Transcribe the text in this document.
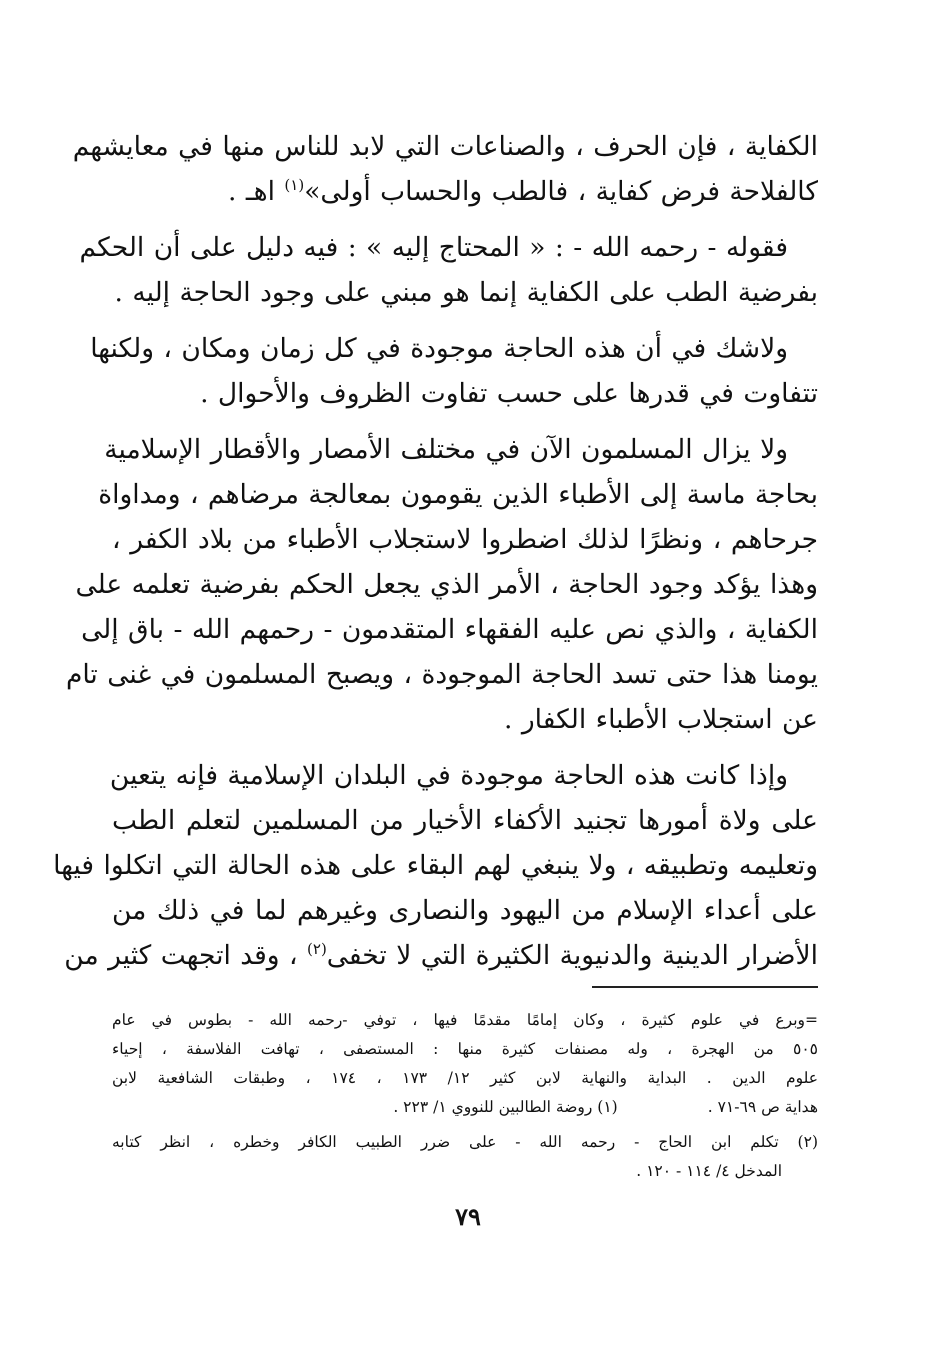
الكفاية ، فإن الحرف ، والصناعات التي لابد للناس منها في معايشهم
كالفلاحة فرض كفاية ، فالطب والحساب أولى»$^{(١)}$ اهـ .

فقوله - رحمه الله - : « المحتاج إليه » : فيه دليل على أن الحكم
بفرضية الطب على الكفاية إنما هو مبني على وجود الحاجة إليه .

ولاشك في أن هذه الحاجة موجودة في كل زمان ومكان ، ولكنها
تتفاوت في قدرها على حسب تفاوت الظروف والأحوال .

ولا يزال المسلمون الآن في مختلف الأمصار والأقطار الإسلامية
بحاجة ماسة إلى الأطباء الذين يقومون بمعالجة مرضاهم ، ومداواة
جرحاهم ، ونظرًا لذلك اضطروا لاستجلاب الأطباء من بلاد الكفر ،
وهذا يؤكد وجود الحاجة ، الأمر الذي يجعل الحكم بفرضية تعلمه على
الكفاية ، والذي نص عليه الفقهاء المتقدمون - رحمهم الله - باق إلى
يومنا هذا حتى تسد الحاجة الموجودة ، ويصبح المسلمون في غنى تام
عن استجلاب الأطباء الكفار .

وإذا كانت هذه الحاجة موجودة في البلدان الإسلامية فإنه يتعين
على ولاة أمورها تجنيد الأكفاء الأخيار من المسلمين لتعلم الطب
وتعليمه وتطبيقه ، ولا ينبغي لهم البقاء على هذه الحالة التي اتكلوا فيها
على أعداء الإسلام من اليهود والنصارى وغيرهم لما في ذلك من
الأضرار الدينية والدنيوية الكثيرة التي لا تخفى$^{(٢)}$ ، وقد اتجهت كثير من

=وبرع في علوم كثيرة ، وكان إمامًا مقدمًا فيها ، توفي -رحمه الله - بطوس في عام
٥٠٥ من الهجرة ، وله مصنفات كثيرة منها : المستصفى ، تهافت الفلاسفة ، إحياء
علوم الدين . البداية والنهاية لابن كثير ١٢/ ١٧٣ ، ١٧٤ ، وطبقات الشافعية لابن
هداية ص ٦٩-٧١ .(١) روضة الطالبين للنووي ١/ ٢٢٣ .
(٢) تكلم ابن الحاج - رحمه الله - على ضرر الطبيب الكافر وخطره ، انظر كتابه
المدخل ٤/ ١١٤ - ١٢٠ .
٧٩
